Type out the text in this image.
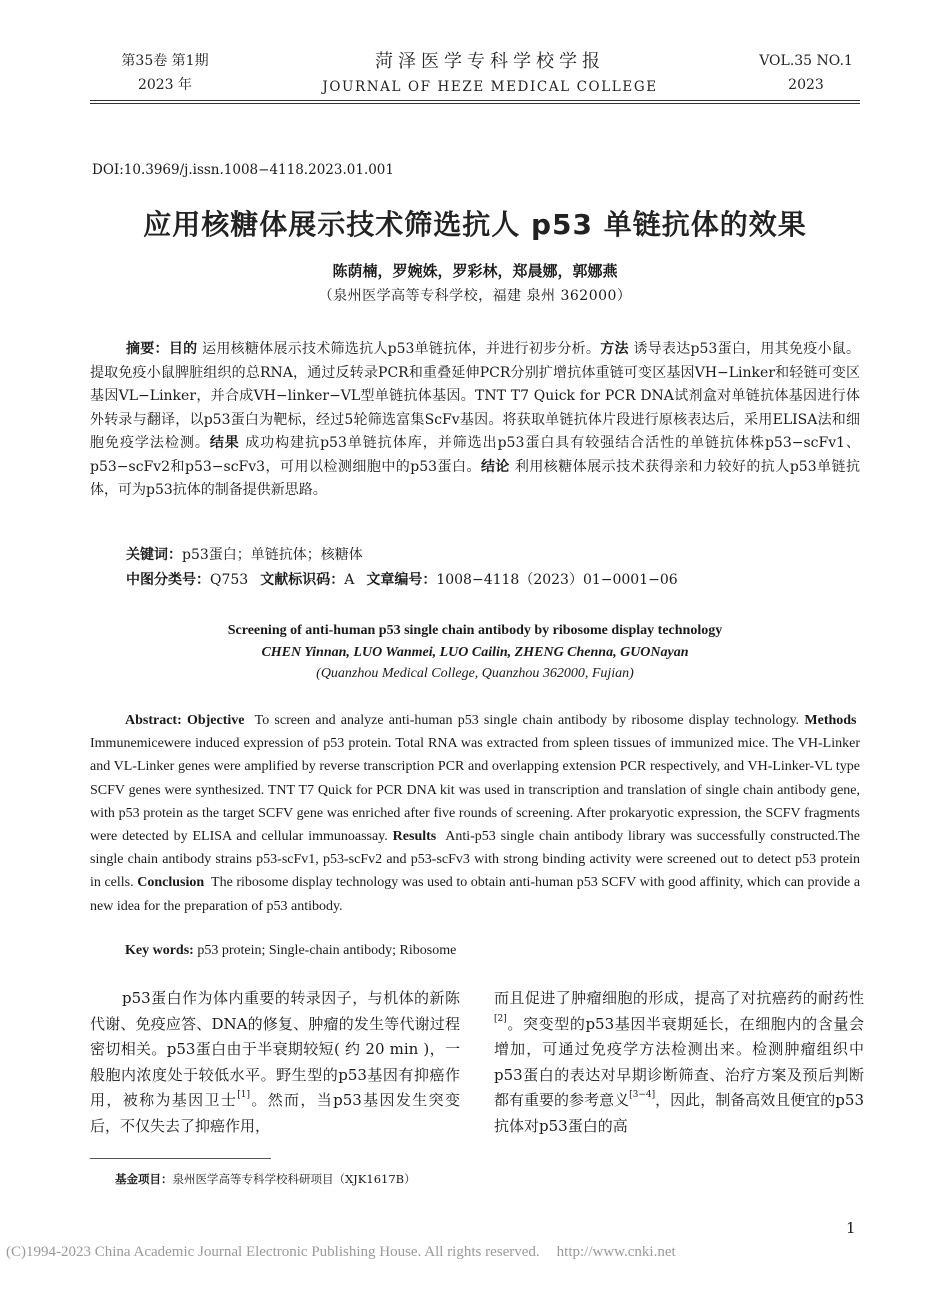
第35卷 第1期
2023 年
菏泽医学专科学校学报
JOURNAL OF HEZE MEDICAL COLLEGE
VOL.35 NO.1
2023
DOI:10.3969/j.issn.1008−4118.2023.01.001
应用核糖体展示技术筛选抗人 p53 单链抗体的效果
陈荫楠，罗婉姝，罗彩林，郑晨娜，郭娜燕
（泉州医学高等专科学校，福建 泉州 362000）

摘要：目的 运用核糖体展示技术筛选抗人p53单链抗体，并进行初步分析。方法 诱导表达p53蛋白，用其免疫小鼠。提取免疫小鼠脾脏组织的总RNA，通过反转录PCR和重叠延伸PCR分别扩增抗体重链可变区基因VH−Linker和轻链可变区基因VL−Linker，并合成VH−linker−VL型单链抗体基因。TNT T7 Quick for PCR DNA试剂盒对单链抗体基因进行体外转录与翻译，以p53蛋白为靶标，经过5轮筛选富集ScFv基因。将获取单链抗体片段进行原核表达后，采用ELISA法和细胞免疫学法检测。结果 成功构建抗p53单链抗体库，并筛选出p53蛋白具有较强结合活性的单链抗体株p53−scFv1、p53−scFv2和p53−scFv3，可用以检测细胞中的p53蛋白。结论 利用核糖体展示技术获得亲和力较好的抗人p53单链抗体，可为p53抗体的制备提供新思路。

关键词：p53蛋白；单链抗体；核糖体
中图分类号：Q753 文献标识码：A 文章编号：1008−4118（2023）01−0001−06
Screening of anti-human p53 single chain antibody by ribosome display technology
CHEN Yinnan, LUO Wanmei, LUO Cailin, ZHENG Chenna, GUONayan
(Quanzhou Medical College, Quanzhou 362000, Fujian)

Abstract: Objective To screen and analyze anti-human p53 single chain antibody by ribosome display technology. Methods  Immunemicewere induced expression of p53 protein. Total RNA was extracted from spleen tissues of immunized mice. The VH-Linker and VL-Linker genes were amplified by reverse transcription PCR and overlapping extension PCR respectively, and VH-Linker-VL type SCFV genes were synthesized. TNT T7 Quick for PCR DNA kit was used in transcription and translation of single chain antibody gene, with p53 protein as the target SCFV gene was enriched after five rounds of screening. After prokaryotic expression, the SCFV fragments were detected by ELISA and cellular immunoassay. Results Anti-p53 single chain antibody library was successfully constructed.The single chain antibody strains p53-scFv1, p53-scFv2 and p53-scFv3 with strong binding activity were screened out to detect p53 protein in cells. Conclusion The ribosome display technology was used to obtain anti-human p53 SCFV with good affinity, which can provide a new idea for the preparation of p53 antibody.

Key words: p53 protein; Single-chain antibody; Ribosome

p53蛋白作为体内重要的转录因子，与机体的新陈代谢、免疫应答、DNA的修复、肿瘤的发生等代谢过程密切相关。p53蛋白由于半衰期较短( 约 20 min )，一般胞内浓度处于较低水平。野生型的p53基因有抑癌作用，被称为基因卫士[1]。然而，当p53基因发生突变后，不仅失去了抑癌作用，

而且促进了肿瘤细胞的形成，提高了对抗癌药的耐药性[2]。突变型的p53基因半衰期延长，在细胞内的含量会增加，可通过免疫学方法检测出来。检测肿瘤组织中p53蛋白的表达对早期诊断筛查、治疗方案及预后判断都有重要的参考意义[3−4]，因此，制备高效且便宜的p53抗体对p53蛋白的高

基金项目：泉州医学高等专科学校科研项目（XJK1617B）
1
(C)1994-2023 China Academic Journal Electronic Publishing House. All rights reserved. http://www.cnki.net
